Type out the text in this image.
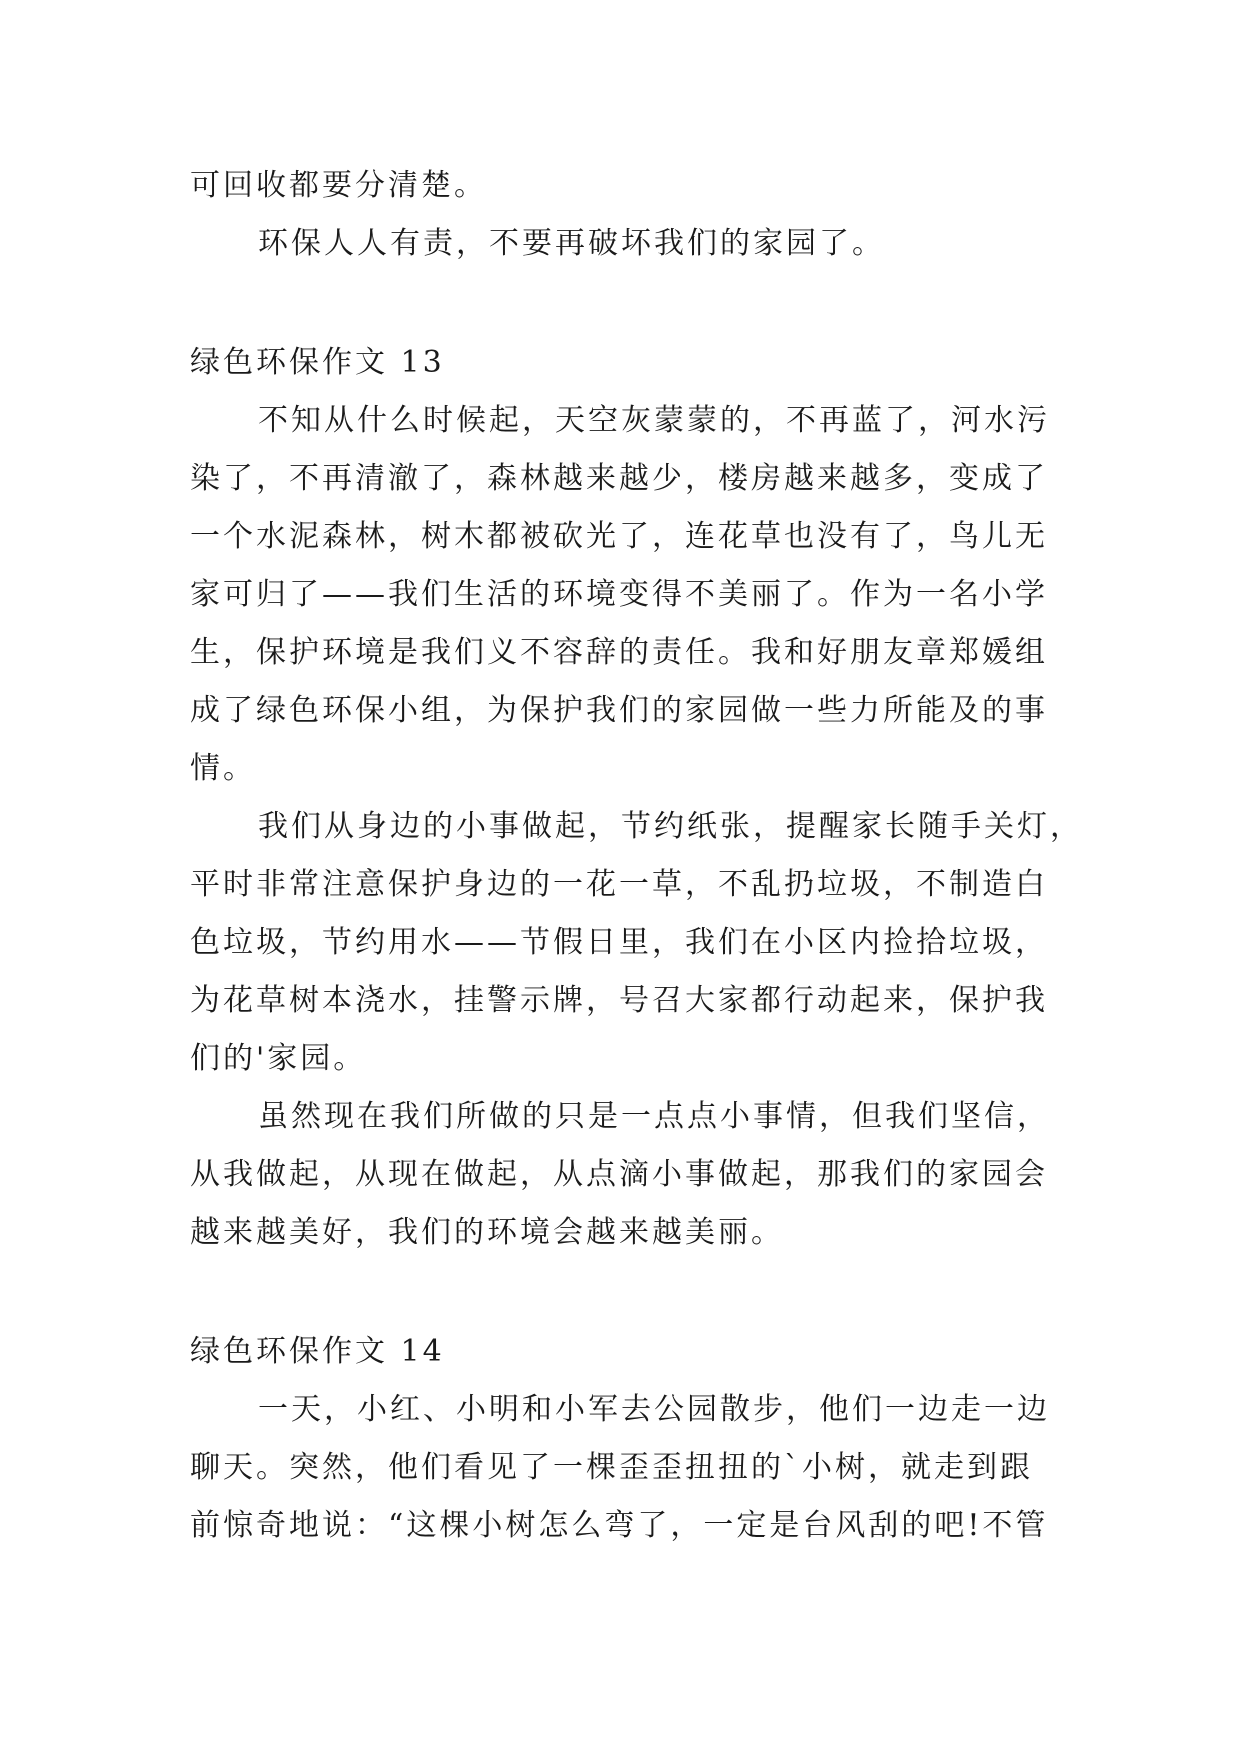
可回收都要分清楚。
环保人人有责，不要再破坏我们的家园了。
绿色环保作文 13
不知从什么时候起，天空灰蒙蒙的，不再蓝了，河水污
染了，不再清澈了，森林越来越少，楼房越来越多，变成了
一个水泥森林，树木都被砍光了，连花草也没有了，鸟儿无
家可归了——我们生活的环境变得不美丽了。作为一名小学
生，保护环境是我们义不容辞的责任。我和好朋友章郑媛组
成了绿色环保小组，为保护我们的家园做一些力所能及的事
情。
我们从身边的小事做起，节约纸张，提醒家长随手关灯，
平时非常注意保护身边的一花一草，不乱扔垃圾，不制造白
色垃圾，节约用水——节假日里，我们在小区内捡拾垃圾，
为花草树本浇水，挂警示牌，号召大家都行动起来，保护我
们的'家园。
虽然现在我们所做的只是一点点小事情，但我们坚信，
从我做起，从现在做起，从点滴小事做起，那我们的家园会
越来越美好，我们的环境会越来越美丽。
绿色环保作文 14
一天，小红、小明和小军去公园散步，他们一边走一边
聊天。突然，他们看见了一棵歪歪扭扭的`小树，就走到跟
前惊奇地说：“这棵小树怎么弯了，一定是台风刮的吧!不管
